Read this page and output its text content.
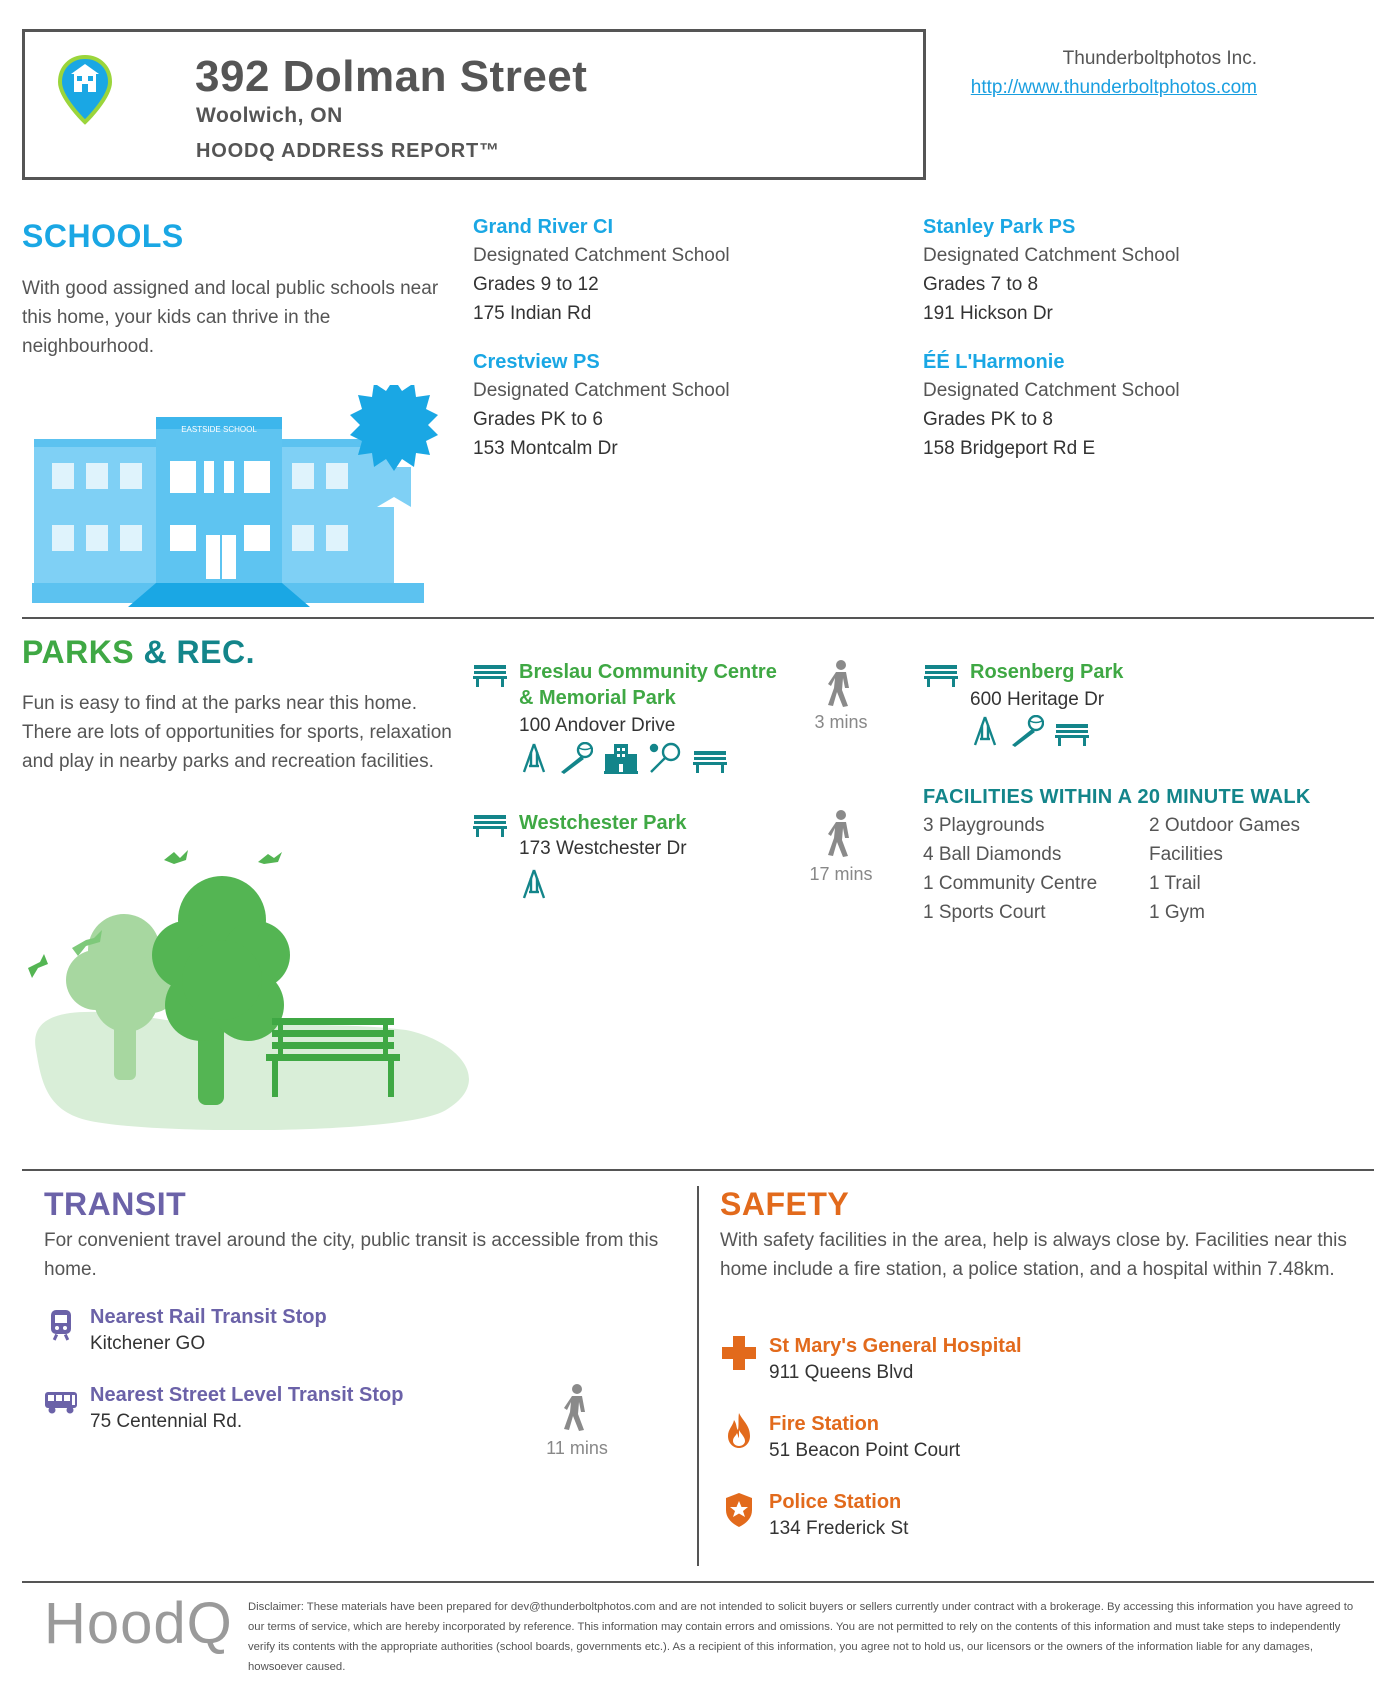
392 Dolman Street
Woolwich, ON
HOODQ ADDRESS REPORT™
Thunderboltphotos Inc.
http://www.thunderboltphotos.com
SCHOOLS
With good assigned and local public schools near this home, your kids can thrive in the neighbourhood.
EASTSIDE SCHOOL
Grand River CI
Designated Catchment School
Grades 9 to 12
175 Indian Rd
Stanley Park PS
Designated Catchment School
Grades 7 to 8
191 Hickson Dr
Crestview PS
Designated Catchment School
Grades PK to 6
153 Montcalm Dr
ÉÉ L'Harmonie
Designated Catchment School
Grades PK to 8
158 Bridgeport Rd E
PARKS & REC.
Fun is easy to find at the parks near this home. There are lots of opportunities for sports, relaxation and play in nearby parks and recreation facilities.
Breslau Community Centre
& Memorial Park
100 Andover Drive
	3 mins
Westchester Park
173 Westchester Dr
17 mins
Rosenberg Park
600 Heritage Dr

FACILITIES WITHIN A 20 MINUTE WALK
3 Playgrounds
4 Ball Diamonds
1 Community Centre
1 Sports Court
2 Outdoor Games
Facilities
1 Trail
1 Gym
TRANSIT
For convenient travel around the city, public transit is accessible from this home.
Nearest Rail Transit Stop
Kitchener GO
Nearest Street Level Transit Stop
75 Centennial Rd.
11 mins
SAFETY
With safety facilities in the area, help is always close by. Facilities near this home include a fire station, a police station, and a hospital within 7.48km.
St Mary's General Hospital
911 Queens Blvd
Fire Station
51 Beacon Point Court
Police Station
134 Frederick St
HoodQ Disclaimer: These materials have been prepared for dev@thunderboltphotos.com and are not intended to solicit buyers or sellers currently under contract with a brokerage. By accessing this information you have agreed to our terms of service, which are hereby incorporated by reference. This information may contain errors and omissions. You are not permitted to rely on the contents of this information and must take steps to independently verify its contents with the appropriate authorities (school boards, governments etc.). As a recipient of this information, you agree not to hold us, our licensors or the owners of the information liable for any damages, howsoever caused.
